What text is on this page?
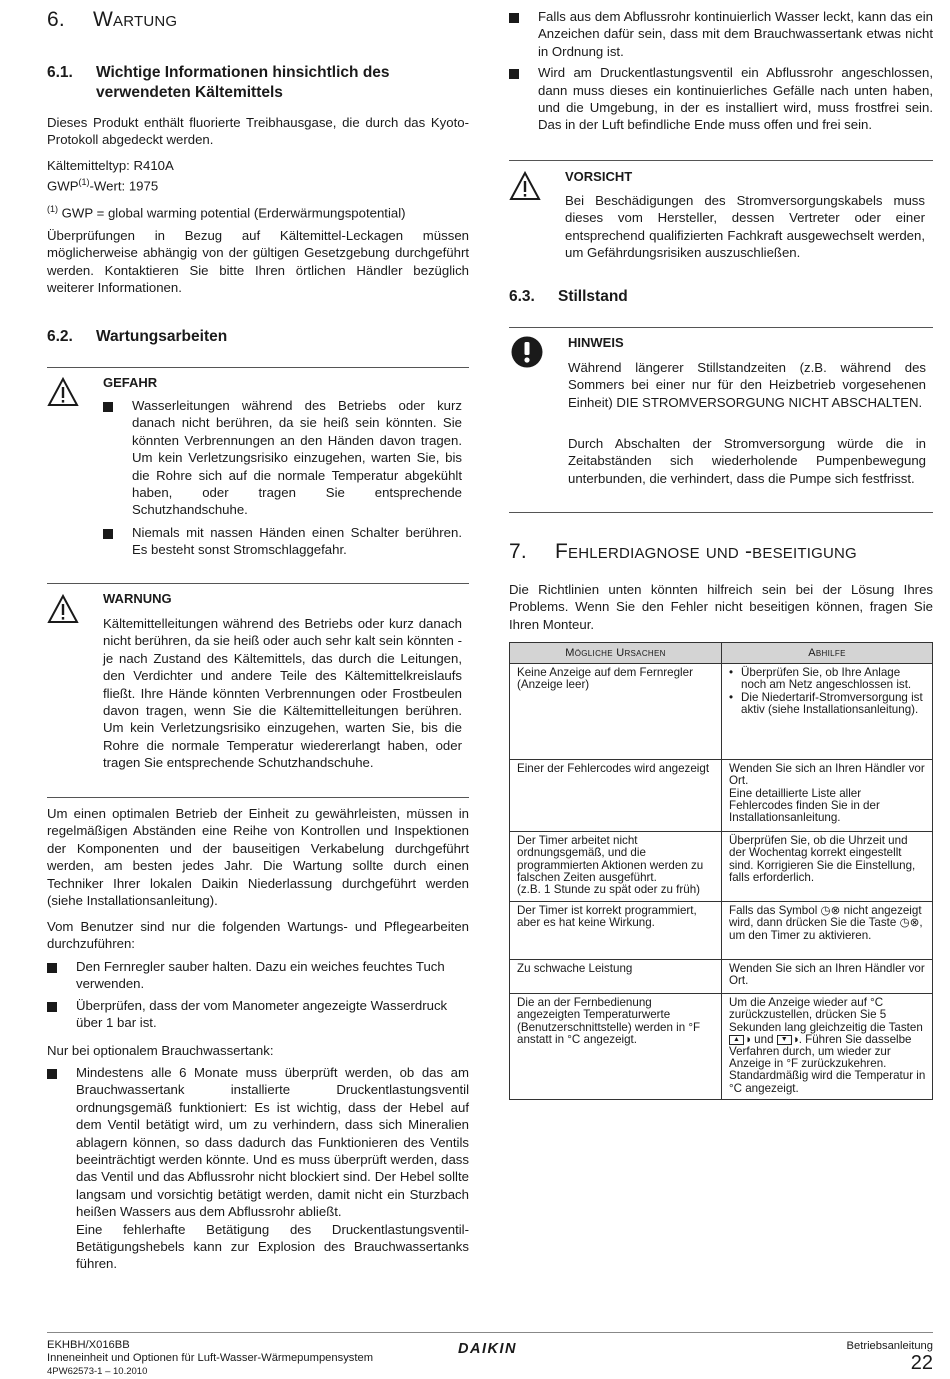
6. Wartung
6.1. Wichtige Informationen hinsichtlich des
verwendeten Kältemittels

Dieses Produkt enthält fluorierte Treibhausgase, die durch das Kyoto-Protokoll abgedeckt werden.

Kältemitteltyp: R410A

GWP$^{(1)}$-Wert: 1975

$^{(1)}$ GWP = global warming potential (Erderwärmungspotential)

Überprüfungen in Bezug auf Kältemittel-Leckagen müssen möglicherweise abhängig von der gültigen Gesetzgebung durchgeführt werden. Kontaktieren Sie bitte Ihren örtlichen Händler bezüglich weiterer Informationen.

6.2. Wartungsarbeiten
GEFAHR

Wasserleitungen während des Betriebs oder kurz danach nicht berühren, da sie heiß sein könnten. Sie könnten Verbrennungen an den Händen davon tragen. Um kein Verletzungsrisiko einzugehen, warten Sie, bis die Rohre sich auf die normale Temperatur abgekühlt haben, oder tragen Sie entsprechende Schutzhandschuhe.

Niemals mit nassen Händen einen Schalter berühren. Es besteht sonst Stromschlaggefahr.

WARNUNG

Kältemittelleitungen während des Betriebs oder kurz danach nicht berühren, da sie heiß oder auch sehr kalt sein könnten - je nach Zustand des Kältemittels, das durch die Leitungen, den Verdichter und andere Teile des Kältemittelkreislaufs fließt. Ihre Hände könnten Verbrennungen oder Frostbeulen davon tragen, wenn Sie die Kältemittelleitungen berühren. Um kein Verletzungsrisiko einzugehen, warten Sie, bis die Rohre die normale Temperatur wiedererlangt haben, oder tragen Sie entsprechende Schutzhandschuhe.

Um einen optimalen Betrieb der Einheit zu gewährleisten, müssen in regelmäßigen Abständen eine Reihe von Kontrollen und Inspektionen der Komponenten und der bauseitigen Verkabelung durchgeführt werden, am besten jedes Jahr. Die Wartung sollte durch einen Techniker Ihrer lokalen Daikin Niederlassung durchgeführt werden (siehe Installationsanleitung).

Vom Benutzer sind nur die folgenden Wartungs- und Pflegearbeiten durchzuführen:

Den Fernregler sauber halten. Dazu ein weiches feuchtes Tuch verwenden.

Überprüfen, dass der vom Manometer angezeigte Wasserdruck über 1 bar ist.

Nur bei optionalem Brauchwassertank:

Mindestens alle 6 Monate muss überprüft werden, ob das am Brauchwassertank installierte Druckentlastungsventil ordnungsgemäß funktioniert: Es ist wichtig, dass der Hebel auf dem Ventil betätigt wird, um zu verhindern, dass sich Mineralien ablagern können, so dass dadurch das Funktionieren des Ventils beeinträchtigt werden könnte. Und es muss überprüft werden, dass das Ventil und das Abflussrohr nicht blockiert sind. Der Hebel sollte langsam und vorsichtig betätigt werden, damit nicht ein Sturzbach heißen Wassers aus dem Abflussrohr abließt.

Eine fehlerhafte Betätigung des Druckentlastungsventil-Betätigungshebels kann zur Explosion des Brauchwassertanks führen.

Falls aus dem Abflussrohr kontinuierlich Wasser leckt, kann das ein Anzeichen dafür sein, dass mit dem Brauchwassertank etwas nicht in Ordnung ist.

Wird am Druckentlastungsventil ein Abflussrohr angeschlossen, dann muss dieses ein kontinuierliches Gefälle nach unten haben, und die Umgebung, in der es installiert wird, muss frostfrei sein. Das in der Luft befindliche Ende muss offen und frei sein.

VORSICHT

Bei Beschädigungen des Stromversorgungskabels muss dieses vom Hersteller, dessen Vertreter oder einer entsprechend qualifizierten Fachkraft ausgewechselt werden, um Gefährdungsrisiken auszuschließen.

6.3. Stillstand
HINWEIS

Während längerer Stillstandzeiten (z.B. während des Sommers bei einer nur für den Heizbetrieb vorgesehenen Einheit) DIE STROMVERSORGUNG NICHT ABSCHALTEN.

Durch Abschalten der Stromversorgung würde die in Zeitabständen sich wiederholende Pumpenbewegung unterbunden, die verhindert, dass die Pumpe sich festfrisst.

7. Fehlerdiagnose und -beseitigung

Die Richtlinien unten könnten hilfreich sein bei der Lösung Ihres Problems. Wenn Sie den Fehler nicht beseitigen können, fragen Sie Ihren Monteur.

Mögliche Ursachen	Abhilfe
Keine Anzeige auf dem Fernregler (Anzeige leer)	• Überprüfen Sie, ob Ihre Anlage noch am Netz angeschlossen ist.
• Die Niedertarif-Stromversorgung ist aktiv (siehe Installationsanleitung).

Einer der Fehlercodes wird angezeigt	Wenden Sie sich an Ihren Händler vor Ort.
Eine detaillierte Liste aller Fehlercodes finden Sie in der Installationsanleitung.
Der Timer arbeitet nicht ordnungsgemäß, und die programmierten Aktionen werden zu falschen Zeiten ausgeführt.
(z.B. 1 Stunde zu spät oder zu früh)	Überprüfen Sie, ob die Uhrzeit und der Wochentag korrekt eingestellt sind. Korrigieren Sie die Einstellung, falls erforderlich.
Der Timer ist korrekt programmiert, aber es hat keine Wirkung.	Falls das Symbol ◷⊗ nicht angezeigt wird, dann drücken Sie die Taste ◷⊗, um den Timer zu aktivieren.
Zu schwache Leistung	Wenden Sie sich an Ihren Händler vor Ort.
Die an der Fernbedienung angezeigten Temperaturwerte (Benutzerschnittstelle) werden in °F anstatt in °C angezeigt.	Um die Anzeige wieder auf °C zurückzustellen, drücken Sie 5 Sekunden lang gleichzeitig die Tasten ▲ ◑ und ▼ ◑. Führen Sie dasselbe Verfahren durch, um wieder zur Anzeige in °F zurückzukehren. Standardmäßig wird die Temperatur in °C angezeigt.
EKHBH/X016BB
Inneneinheit und Optionen für Luft-Wasser-Wärmepumpensystem
4PW62573-1 – 10.2010
DAIKIN	Betriebsanleitung
22
